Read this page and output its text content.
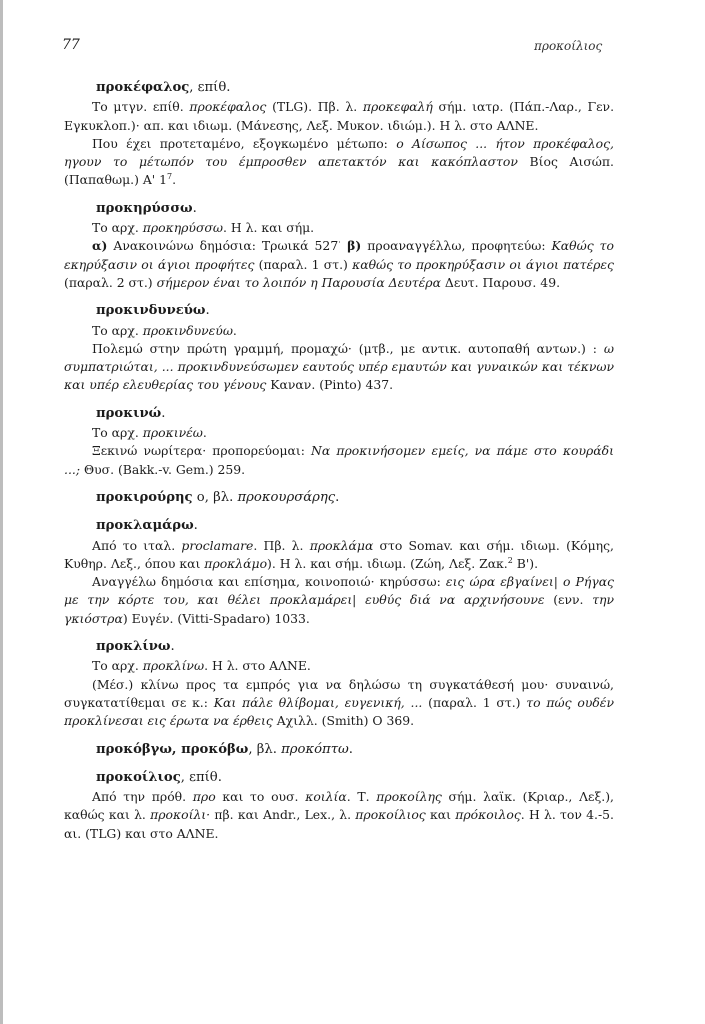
77	προκοίλιος
προκέφαλος, επίθ.

Το μτγν. επίθ. προκέφαλος (TLG). Πβ. λ. προκεφαλή σήμ. ιατρ. (Πάπ.-Λαρ., Γεν. Εγκυκλοπ.)· απ. και ιδιωμ. (Μάνεσης, Λεξ. Μυκον. ιδιώμ.). Η λ. στο ΑΛΝΕ.

Που έχει προτεταμένο, εξογκωμένο μέτωπο: ο Αίσωπος ... ήτον προκέφαλος, ηγουν το μέτωπόν του έμπροσθεν απετακτόν και κακόπλαστον Βίος Αισώπ. (Παπαθωμ.) Α' $1^7$.

προκηρύσσω.

Το αρχ. προκηρύσσω. Η λ. και σήμ.

α) Ανακοινώνω δημόσια: Τρωικά 527· β) προαναγγέλλω, προφητεύω: Καθώς το εκηρύξασιν οι άγιοι προφήτες (παραλ. 1 στ.) καθώς το προκηρύξασιν οι άγιοι πατέρες (παραλ. 2 στ.) σήμερον έναι το λοιπόν η Παρουσία Δευτέρα Δευτ. Παρουσ. 49.

προκινδυνεύω.

Το αρχ. προκινδυνεύω.

Πολεμώ στην πρώτη γραμμή, προμαχώ· (μτβ., με αντικ. αυτοπαθή αντων.) : ω συμπατριώται, ... προκινδυνεύσωμεν εαυτούς υπέρ εμαυτών και γυναικών και τέκνων και υπέρ ελευθερίας του γένους Καναν. (Pinto) 437.

προκινώ.

Το αρχ. προκινέω.

Ξεκινώ νωρίτερα· προπορεύομαι: Να προκινήσομεν εμείς, να πάμε στο κουράδι ...; Θυσ. (Bakk.-v. Gem.) 259.

προκιρούρης ο, βλ. προκουρσάρης.
προκλαμάρω.

Από το ιταλ. proclamare. Πβ. λ. προκλάμα στο Somav. και σήμ. ιδιωμ. (Κόμης, Κυθηρ. Λεξ., όπου και προκλάμο). Η λ. και σήμ. ιδιωμ. (Ζώη, Λεξ. Ζακ.$^2$ Β').

Αναγγέλω δημόσια και επίσημα, κοινοποιώ· κηρύσσω: εις ώρα εβγαίνει| ο Ρήγας με την κόρτε του, και θέλει προκλαμάρει| ευθύς διά να αρχινήσουνε (ενν. την γκιόστρα) Ευγέν. (Vitti-Spadaro) 1033.

προκλίνω.

Το αρχ. προκλίνω. Η λ. στο ΑΛΝΕ.

(Μέσ.) κλίνω προς τα εμπρός για να δηλώσω τη συγκατάθεσή μου· συναινώ, συγκατατίθεμαι σε κ.: Και πάλε θλίβομαι, ευγενική, ... (παραλ. 1 στ.) το πώς ουδέν προκλίνεσαι εις έρωτα να έρθεις Αχιλλ. (Smith) Ο 369.

προκόβγω, προκόβω, βλ. προκόπτω.
προκοίλιος, επίθ.

Από την πρόθ. προ και το ουσ. κοιλία. Τ. προκοίλης σήμ. λαϊκ. (Κριαρ., Λεξ.), καθώς και λ. προκοίλι· πβ. και Andr., Lex., λ. προκοίλιος και πρόκοιλος. Η λ. τον 4.-5. αι. (TLG) και στο ΑΛΝΕ.
